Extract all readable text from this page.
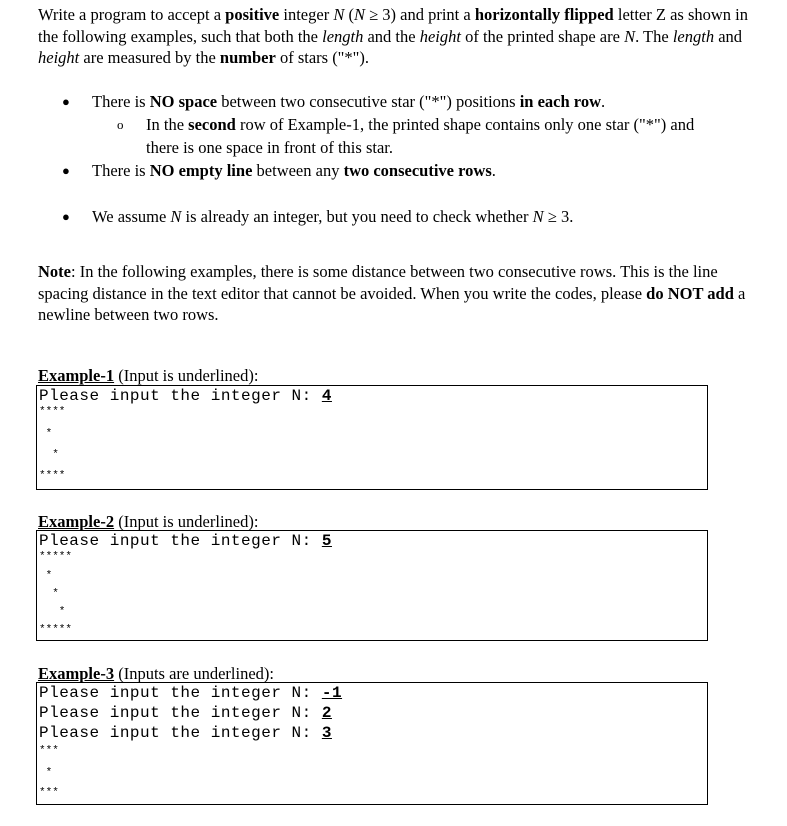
Write a program to accept a positive integer N (N ≥ 3) and print a horizontally flipped letter Z as shown in the following examples, such that both the length and the height of the printed shape are N. The length and height are measured by the number of stars ("*").

● There is NO space between two consecutive star ("*") positions in each row.
o In the second row of Example-1, the printed shape contains only one star ("*") and
there is one space in front of this star.
● There is NO empty line between any two consecutive rows.
● We assume N is already an integer, but you need to check whether N ≥ 3.
Note: In the following examples, there is some distance between two consecutive rows. This is the line spacing distance in the text editor that cannot be avoided. When you write the codes, please do NOT add a newline between two rows.
Example-1 (Input is underlined):
Please input the integer N: 4
****
*
*
****
Example-2 (Input is underlined):
Please input the integer N: 5
*****
*
*
*
*****
Example-3 (Inputs are underlined):
Please input the integer N: -1
Please input the integer N: 2
Please input the integer N: 3
***
*
***
